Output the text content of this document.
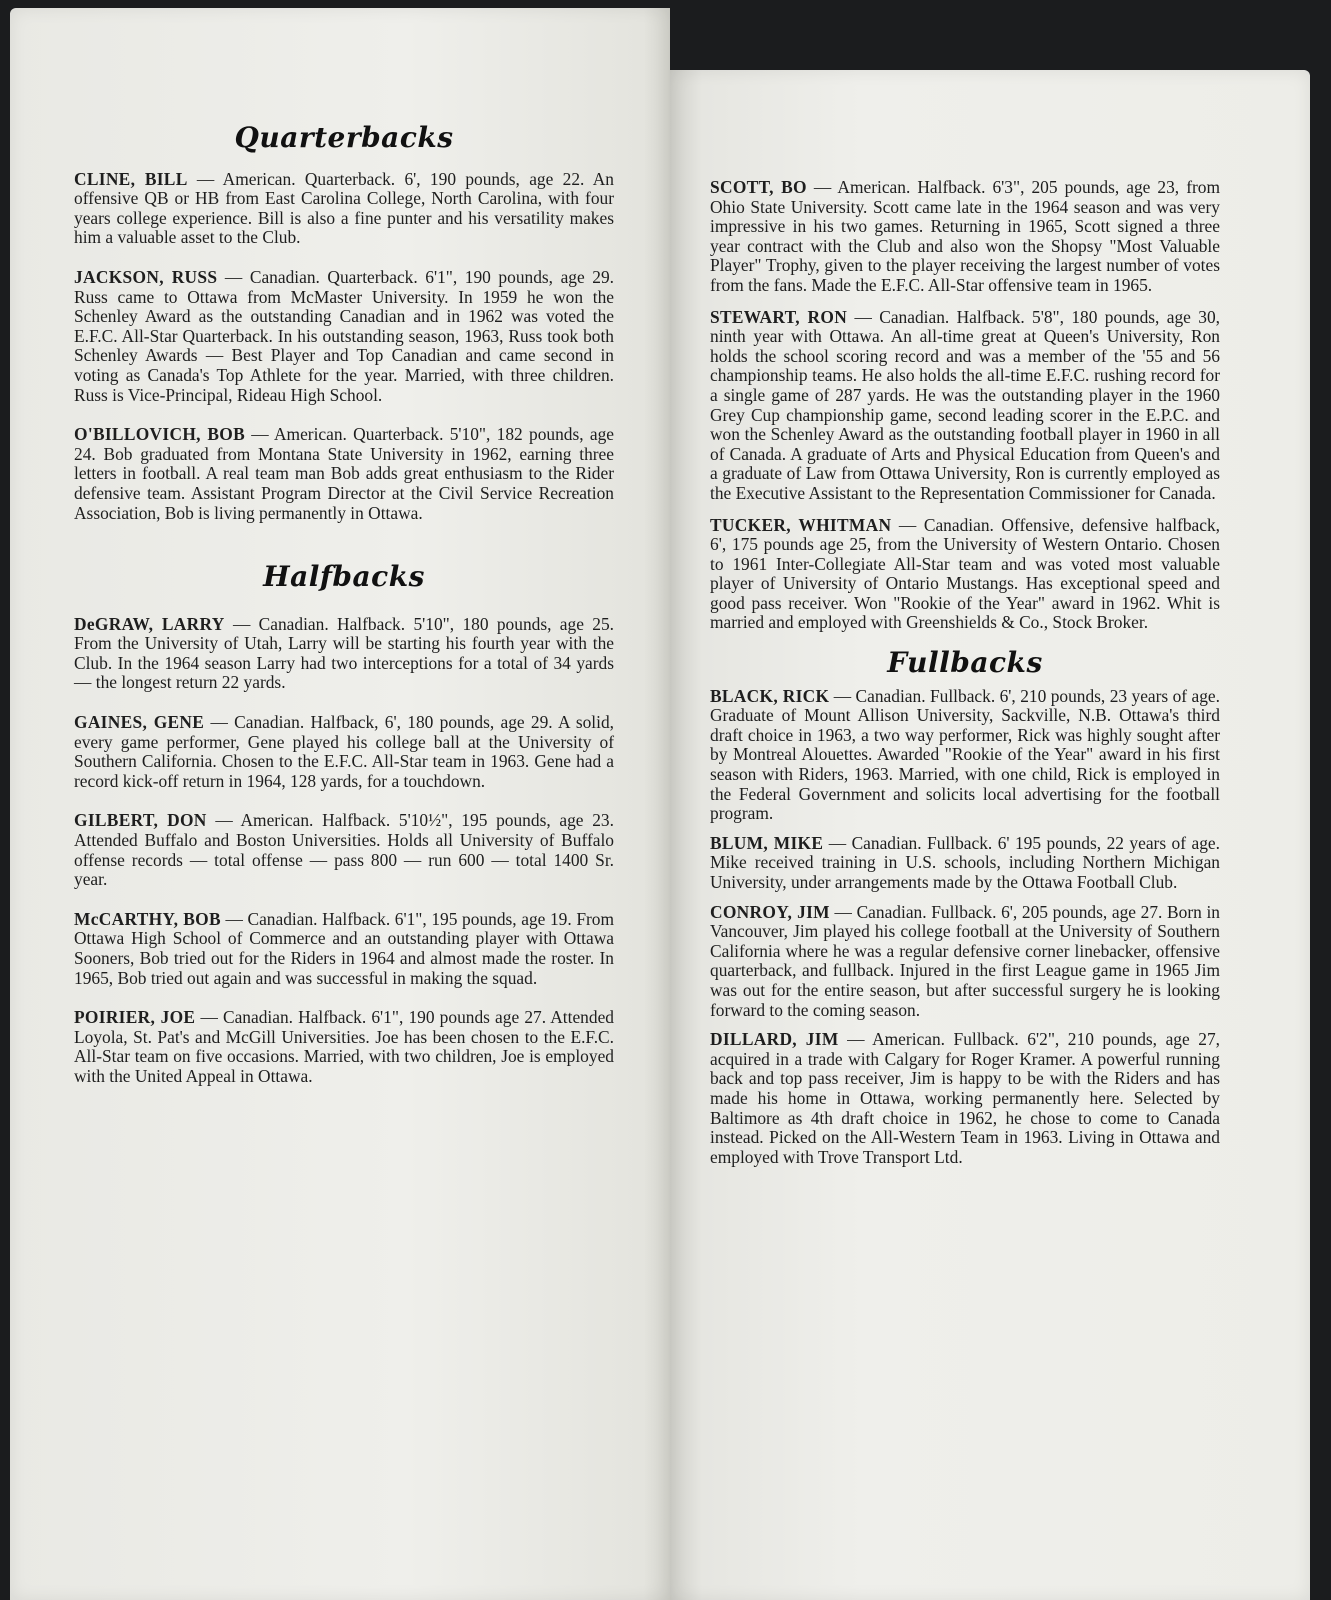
Quarterbacks

CLINE, BILL — American. Quarterback. 6', 190 pounds, age 22. An offensive QB or HB from East Carolina College, North Carolina, with four years college experience. Bill is also a fine punter and his versatility makes him a valuable asset to the Club.

JACKSON, RUSS — Canadian. Quarterback. 6'1", 190 pounds, age 29. Russ came to Ottawa from McMaster University. In 1959 he won the Schenley Award as the outstanding Canadian and in 1962 was voted the E.F.C. All-Star Quarterback. In his outstanding season, 1963, Russ took both Schenley Awards — Best Player and Top Canadian and came second in voting as Canada's Top Athlete for the year. Married, with three children. Russ is Vice-Principal, Rideau High School.

O'BILLOVICH, BOB — American. Quarterback. 5'10", 182 pounds, age 24. Bob graduated from Montana State University in 1962, earning three letters in football. A real team man Bob adds great enthusiasm to the Rider defensive team. Assistant Program Director at the Civil Service Recreation Association, Bob is living permanently in Ottawa.

Halfbacks

DeGRAW, LARRY — Canadian. Halfback. 5'10", 180 pounds, age 25. From the University of Utah, Larry will be starting his fourth year with the Club. In the 1964 season Larry had two interceptions for a total of 34 yards — the longest return 22 yards.

GAINES, GENE — Canadian. Halfback, 6', 180 pounds, age 29. A solid, every game performer, Gene played his college ball at the University of Southern California. Chosen to the E.F.C. All-Star team in 1963. Gene had a record kick-off return in 1964, 128 yards, for a touchdown.

GILBERT, DON — American. Halfback. 5'10½", 195 pounds, age 23. Attended Buffalo and Boston Universities. Holds all University of Buffalo offense records — total offense — pass 800 — run 600 — total 1400 Sr. year.

McCARTHY, BOB — Canadian. Halfback. 6'1", 195 pounds, age 19. From Ottawa High School of Commerce and an outstanding player with Ottawa Sooners, Bob tried out for the Riders in 1964 and almost made the roster. In 1965, Bob tried out again and was successful in making the squad.

POIRIER, JOE — Canadian. Halfback. 6'1", 190 pounds age 27. Attended Loyola, St. Pat's and McGill Universities. Joe has been chosen to the E.F.C. All-Star team on five occasions. Married, with two children, Joe is employed with the United Appeal in Ottawa.

SCOTT, BO — American. Halfback. 6'3", 205 pounds, age 23, from Ohio State University. Scott came late in the 1964 season and was very impressive in his two games. Returning in 1965, Scott signed a three year contract with the Club and also won the Shopsy "Most Valuable Player" Trophy, given to the player receiving the largest number of votes from the fans. Made the E.F.C. All-Star offensive team in 1965.

STEWART, RON — Canadian. Halfback. 5'8", 180 pounds, age 30, ninth year with Ottawa. An all-time great at Queen's University, Ron holds the school scoring record and was a member of the '55 and 56 championship teams. He also holds the all-time E.F.C. rushing record for a single game of 287 yards. He was the outstanding player in the 1960 Grey Cup championship game, second leading scorer in the E.P.C. and won the Schenley Award as the outstanding football player in 1960 in all of Canada. A graduate of Arts and Physical Education from Queen's and a graduate of Law from Ottawa University, Ron is currently employed as the Executive Assistant to the Representation Commissioner for Canada.

TUCKER, WHITMAN — Canadian. Offensive, defensive halfback, 6', 175 pounds age 25, from the University of Western Ontario. Chosen to 1961 Inter-Collegiate All-Star team and was voted most valuable player of University of Ontario Mustangs. Has exceptional speed and good pass receiver. Won "Rookie of the Year" award in 1962. Whit is married and employed with Greenshields & Co., Stock Broker.

Fullbacks

BLACK, RICK — Canadian. Fullback. 6', 210 pounds, 23 years of age. Graduate of Mount Allison University, Sackville, N.B. Ottawa's third draft choice in 1963, a two way performer, Rick was highly sought after by Montreal Alouettes. Awarded "Rookie of the Year" award in his first season with Riders, 1963. Married, with one child, Rick is employed in the Federal Government and solicits local advertising for the football program.

BLUM, MIKE — Canadian. Fullback. 6' 195 pounds, 22 years of age. Mike received training in U.S. schools, including Northern Michigan University, under arrangements made by the Ottawa Football Club.

CONROY, JIM — Canadian. Fullback. 6', 205 pounds, age 27. Born in Vancouver, Jim played his college football at the University of Southern California where he was a regular defensive corner linebacker, offensive quarterback, and fullback. Injured in the first League game in 1965 Jim was out for the entire season, but after successful surgery he is looking forward to the coming season.

DILLARD, JIM — American. Fullback. 6'2", 210 pounds, age 27, acquired in a trade with Calgary for Roger Kramer. A powerful running back and top pass receiver, Jim is happy to be with the Riders and has made his home in Ottawa, working permanently here. Selected by Baltimore as 4th draft choice in 1962, he chose to come to Canada instead. Picked on the All-Western Team in 1963. Living in Ottawa and employed with Trove Transport Ltd.
